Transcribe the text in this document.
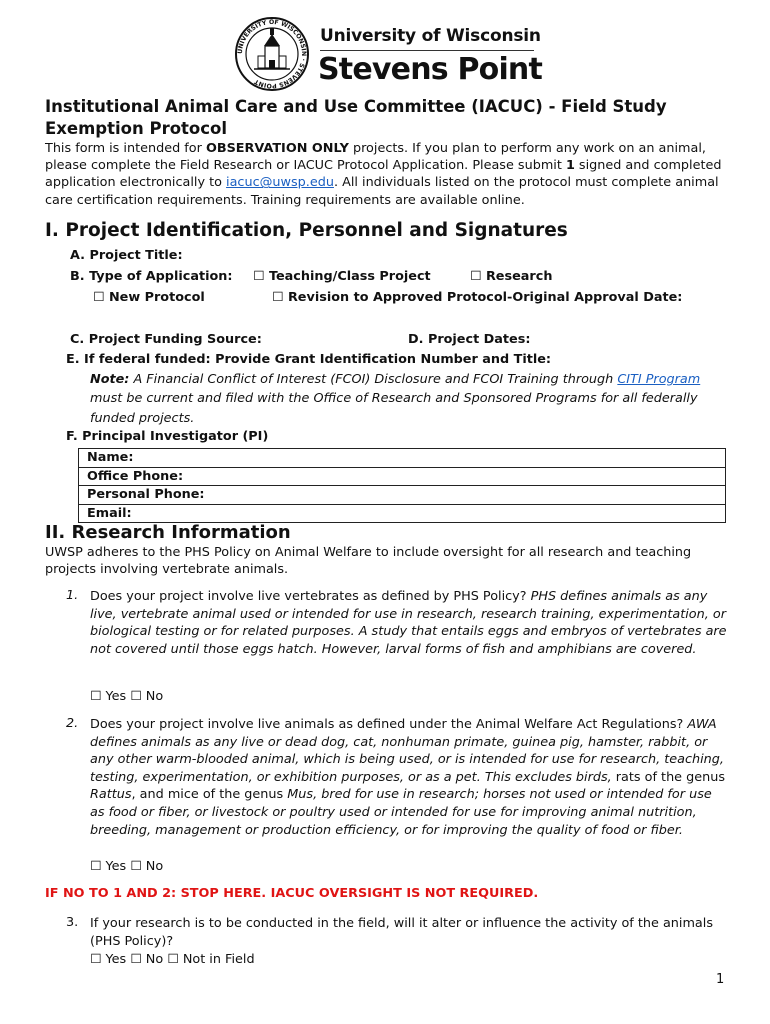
UNIVERSITY OF WISCONSIN · STEVENS POINT
University of Wisconsin
Stevens Point
Institutional Animal Care and Use Committee (IACUC) - Field Study Exemption Protocol
This form is intended for OBSERVATION ONLY projects. If you plan to perform any work on an animal, please complete the Field Research or IACUC Protocol Application. Please submit 1 signed and completed application electronically to iacuc@uwsp.edu. All individuals listed on the protocol must complete animal care certification requirements. Training requirements are available online.
I. Project Identification, Personnel and Signatures
A. Project Title:
B. Type of Application: ☐ Teaching/Class Project	☐ Research
☐ New Protocol	☐ Revision to Approved Protocol-Original Approval Date:
C. Project Funding Source:	D. Project Dates:
E. If federal funded: Provide Grant Identification Number and Title:
Note: A Financial Conflict of Interest (FCOI) Disclosure and FCOI Training through CITI Program must be current and filed with the Office of Research and Sponsored Programs for all federally funded projects.
F. Principal Investigator (PI)
Name:
Office Phone:
Personal Phone:
Email:
II. Research Information
UWSP adheres to the PHS Policy on Animal Welfare to include oversight for all research and teaching projects involving vertebrate animals.
1. Does your project involve live vertebrates as defined by PHS Policy? PHS defines animals as any live, vertebrate animal used or intended for use in research, research training, experimentation, or biological testing or for related purposes. A study that entails eggs and embryos of vertebrates are not covered until those eggs hatch. However, larval forms of fish and amphibians are covered.
☐ Yes ☐ No
2. Does your project involve live animals as defined under the Animal Welfare Act Regulations? AWA defines animals as any live or dead dog, cat, nonhuman primate, guinea pig, hamster, rabbit, or any other warm-blooded animal, which is being used, or is intended for use for research, teaching, testing, experimentation, or exhibition purposes, or as a pet. This excludes birds, rats of the genus Rattus, and mice of the genus Mus, bred for use in research; horses not used or intended for use as food or fiber, or livestock or poultry used or intended for use for improving animal nutrition, breeding, management or production efficiency, or for improving the quality of food or fiber.
☐ Yes ☐ No
IF NO TO 1 AND 2: STOP HERE. IACUC OVERSIGHT IS NOT REQUIRED.
3. If your research is to be conducted in the field, will it alter or influence the activity of the animals (PHS Policy)?
☐ Yes ☐ No ☐ Not in Field
1
